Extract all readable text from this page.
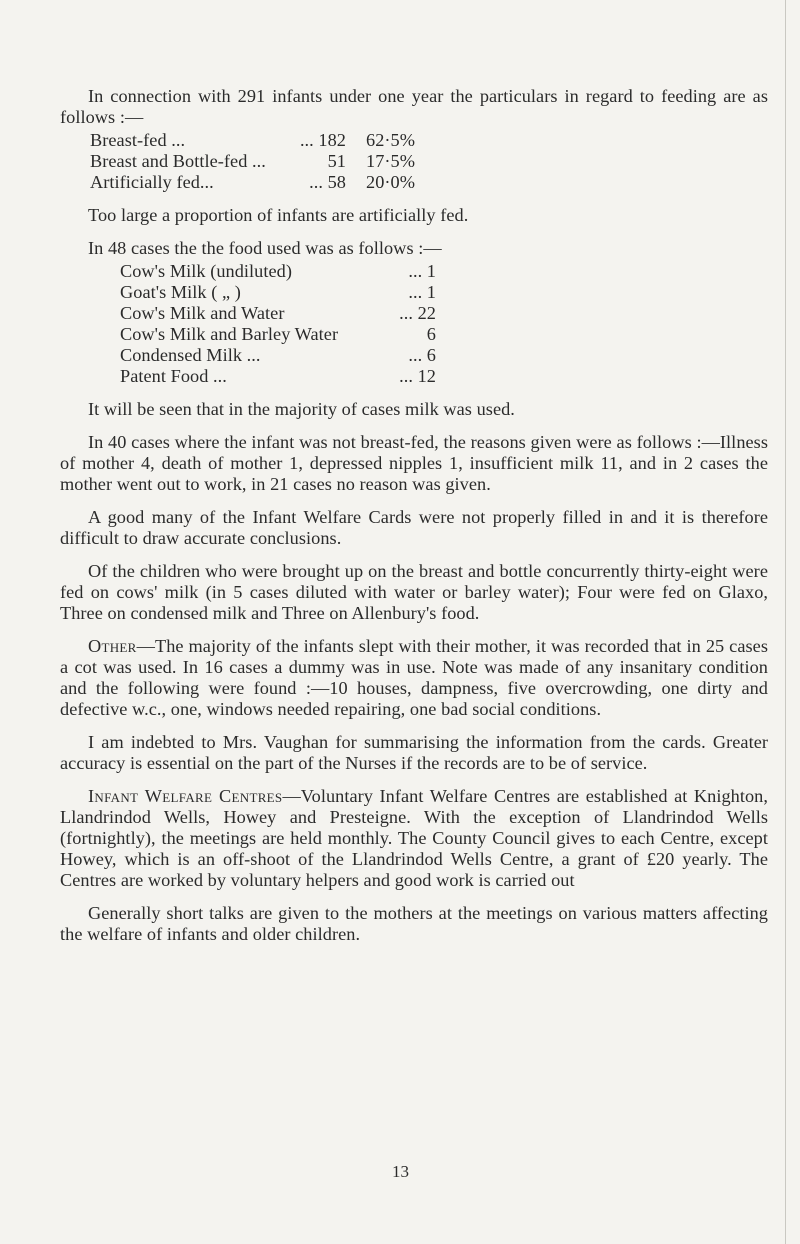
In connection with 291 infants under one year the particulars in regard to feeding are as follows :—

Breast-fed ...	... 182	62·5%
Breast and Bottle-fed ...	51	17·5%
Artificially fed...	... 58	20·0%

Too large a proportion of infants are artificially fed.

In 48 cases the the food used was as follows :—

Cow's Milk (undiluted)	... 1
Goat's Milk ( „ )	... 1
Cow's Milk and Water	... 22
Cow's Milk and Barley Water	6
Condensed Milk ...	... 6
Patent Food ...	... 12

It will be seen that in the majority of cases milk was used.

In 40 cases where the infant was not breast-fed, the reasons given were as follows :—Illness of mother 4, death of mother 1, depressed nipples 1, insufficient milk 11, and in 2 cases the mother went out to work, in 21 cases no reason was given.

A good many of the Infant Welfare Cards were not properly filled in and it is therefore difficult to draw accurate conclusions.

Of the children who were brought up on the breast and bottle concurrently thirty-eight were fed on cows' milk (in 5 cases diluted with water or barley water); Four were fed on Glaxo, Three on condensed milk and Three on Allenbury's food.

Other—The majority of the infants slept with their mother, it was recorded that in 25 cases a cot was used. In 16 cases a dummy was in use. Note was made of any insanitary condition and the following were found :—10 houses, dampness, five overcrowding, one dirty and defective w.c., one, windows needed repairing, one bad social conditions.

I am indebted to Mrs. Vaughan for summarising the information from the cards. Greater accuracy is essential on the part of the Nurses if the records are to be of service.

Infant Welfare Centres—Voluntary Infant Welfare Centres are established at Knighton, Llandrindod Wells, Howey and Presteigne. With the exception of Llandrindod Wells (fortnightly), the meetings are held monthly. The County Council gives to each Centre, except Howey, which is an off-shoot of the Llandrindod Wells Centre, a grant of £20 yearly. The Centres are worked by voluntary helpers and good work is carried out

Generally short talks are given to the mothers at the meetings on various matters affecting the welfare of infants and older children.

13
